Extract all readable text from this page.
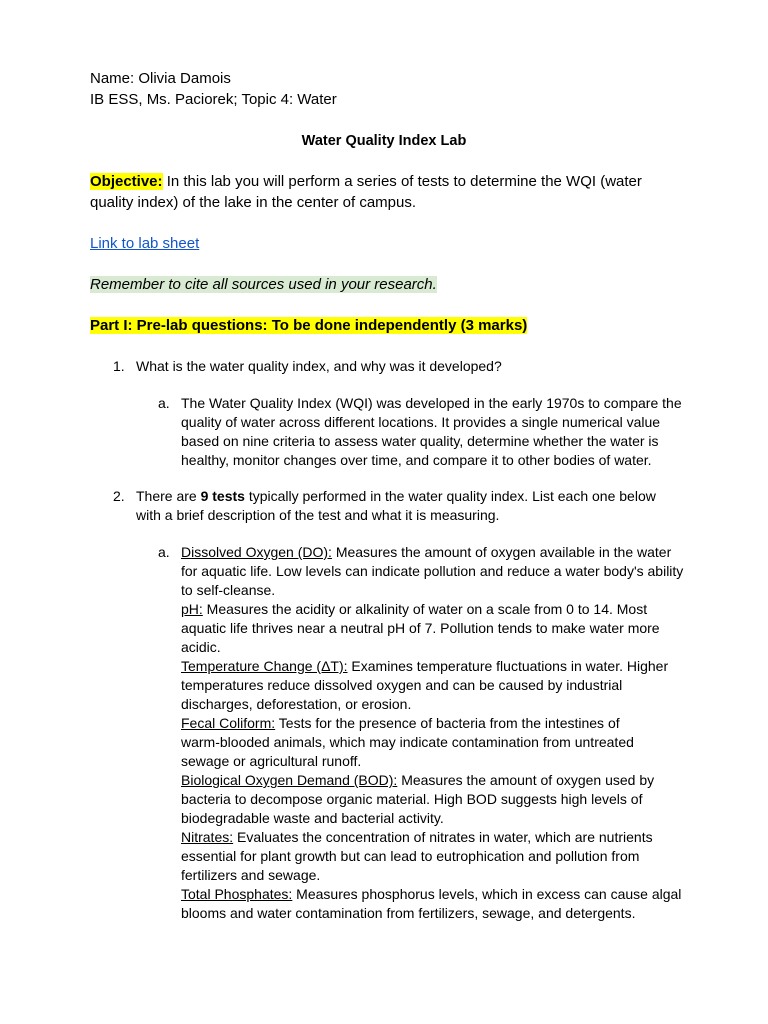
Name: Olivia Damois
IB ESS, Ms. Paciorek; Topic 4: Water
Water Quality Index Lab
Objective: In this lab you will perform a series of tests to determine the WQI (water
quality index) of the lake in the center of campus.
Link to lab sheet
Remember to cite all sources used in your research.
Part I: Pre-lab questions: To be done independently (3 marks)
1. What is the water quality index, and why was it developed?
a. The Water Quality Index (WQI) was developed in the early 1970s to compare the
quality of water across different locations. It provides a single numerical value
based on nine criteria to assess water quality, determine whether the water is
healthy, monitor changes over time, and compare it to other bodies of water.
2. There are 9 tests typically performed in the water quality index. List each one below
with a brief description of the test and what it is measuring.
a. Dissolved Oxygen (DO): Measures the amount of oxygen available in the water
for aquatic life. Low levels can indicate pollution and reduce a water body's ability
to self-cleanse.
pH: Measures the acidity or alkalinity of water on a scale from 0 to 14. Most
aquatic life thrives near a neutral pH of 7. Pollution tends to make water more
acidic.
Temperature Change (ΔT): Examines temperature fluctuations in water. Higher
temperatures reduce dissolved oxygen and can be caused by industrial
discharges, deforestation, or erosion.
Fecal Coliform: Tests for the presence of bacteria from the intestines of
warm-blooded animals, which may indicate contamination from untreated
sewage or agricultural runoff.
Biological Oxygen Demand (BOD): Measures the amount of oxygen used by
bacteria to decompose organic material. High BOD suggests high levels of
biodegradable waste and bacterial activity.
Nitrates: Evaluates the concentration of nitrates in water, which are nutrients
essential for plant growth but can lead to eutrophication and pollution from
fertilizers and sewage.
Total Phosphates: Measures phosphorus levels, which in excess can cause algal
blooms and water contamination from fertilizers, sewage, and detergents.
